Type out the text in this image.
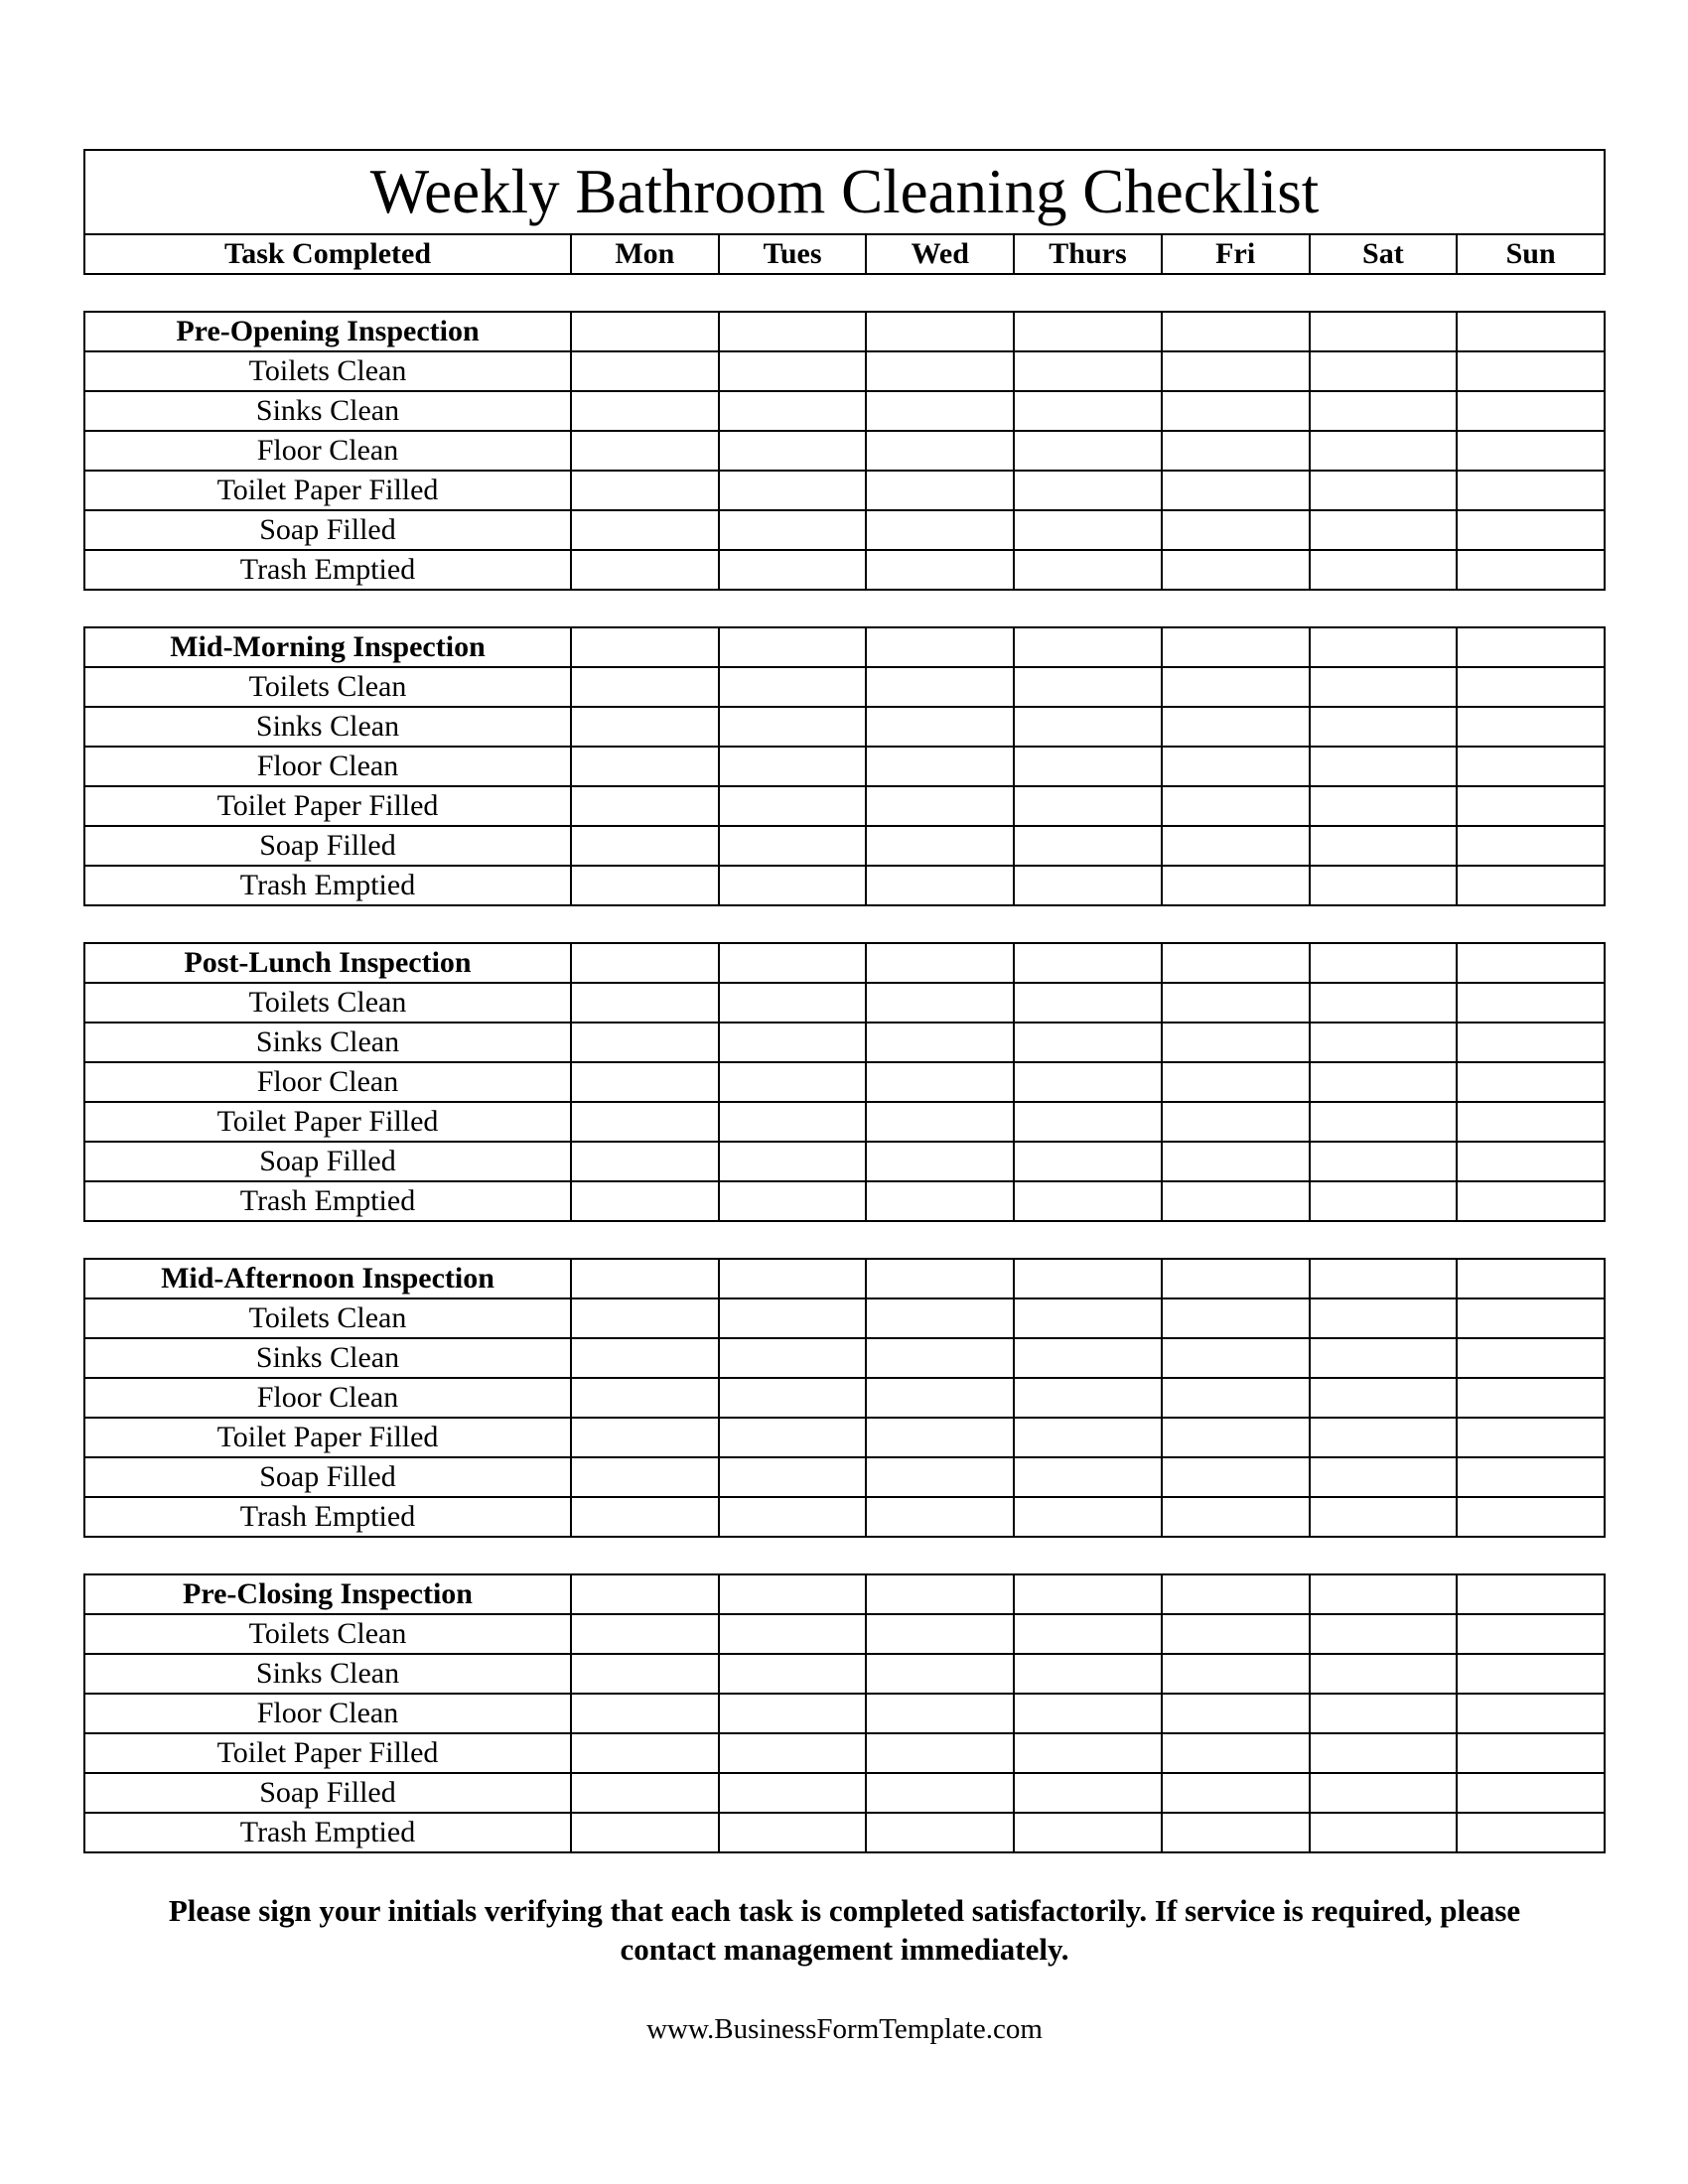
Weekly Bathroom Cleaning Checklist
Task Completed	Mon	Tues	Wed	Thurs	Fri	Sat	Sun
Pre-Opening Inspection							
Toilets Clean							
Sinks Clean							
Floor Clean							
Toilet Paper Filled							
Soap Filled							
Trash Emptied							
Mid-Morning Inspection							
Toilets Clean							
Sinks Clean							
Floor Clean							
Toilet Paper Filled							
Soap Filled							
Trash Emptied							
Post-Lunch Inspection							
Toilets Clean							
Sinks Clean							
Floor Clean							
Toilet Paper Filled							
Soap Filled							
Trash Emptied							
Mid-Afternoon Inspection							
Toilets Clean							
Sinks Clean							
Floor Clean							
Toilet Paper Filled							
Soap Filled							
Trash Emptied							
Pre-Closing Inspection							
Toilets Clean							
Sinks Clean							
Floor Clean							
Toilet Paper Filled							
Soap Filled							
Trash Emptied							
Please sign your initials verifying that each task is completed satisfactorily. If service is required, please
contact management immediately.
www.BusinessFormTemplate.com
